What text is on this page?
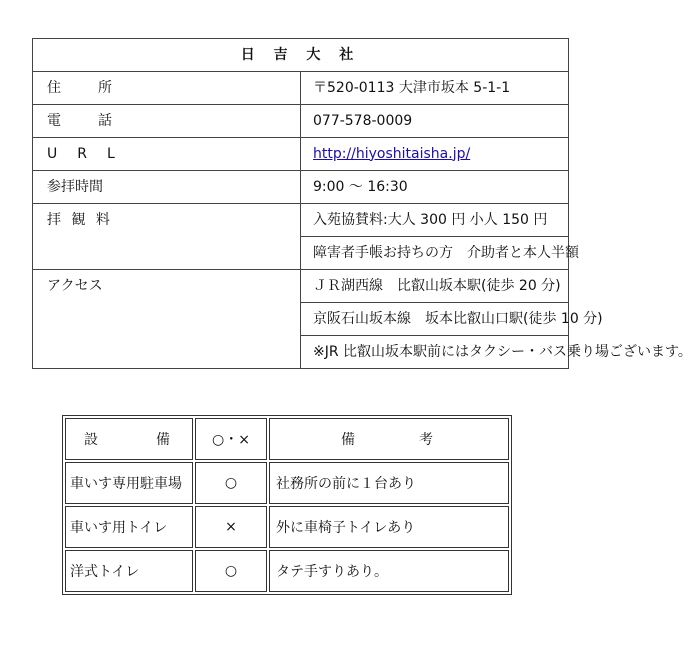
日 吉 大 社	
住　　所	〒520-0113 大津市坂本 5-1-1
電　　話	077-578-0009
U　R　L	http://hiyoshitaisha.jp/
参拝時間	9:00 ～ 16:30
拝 観 料	入苑協賛料:大人 300 円 小人 150 円
	障害者手帳お持ちの方　介助者と本人半額
アクセス	ＪＲ湖西線　比叡山坂本駅(徒歩 20 分)
	京阪石山坂本線　坂本比叡山口駅(徒歩 10 分)
	※JR 比叡山坂本駅前にはタクシー・バス乗り場ございます。
設　　備	○・×	備　　考
車いす専用駐車場	○	社務所の前に１台あり
車いす用トイレ	×	外に車椅子トイレあり
洋式トイレ	○	タテ手すりあり。
